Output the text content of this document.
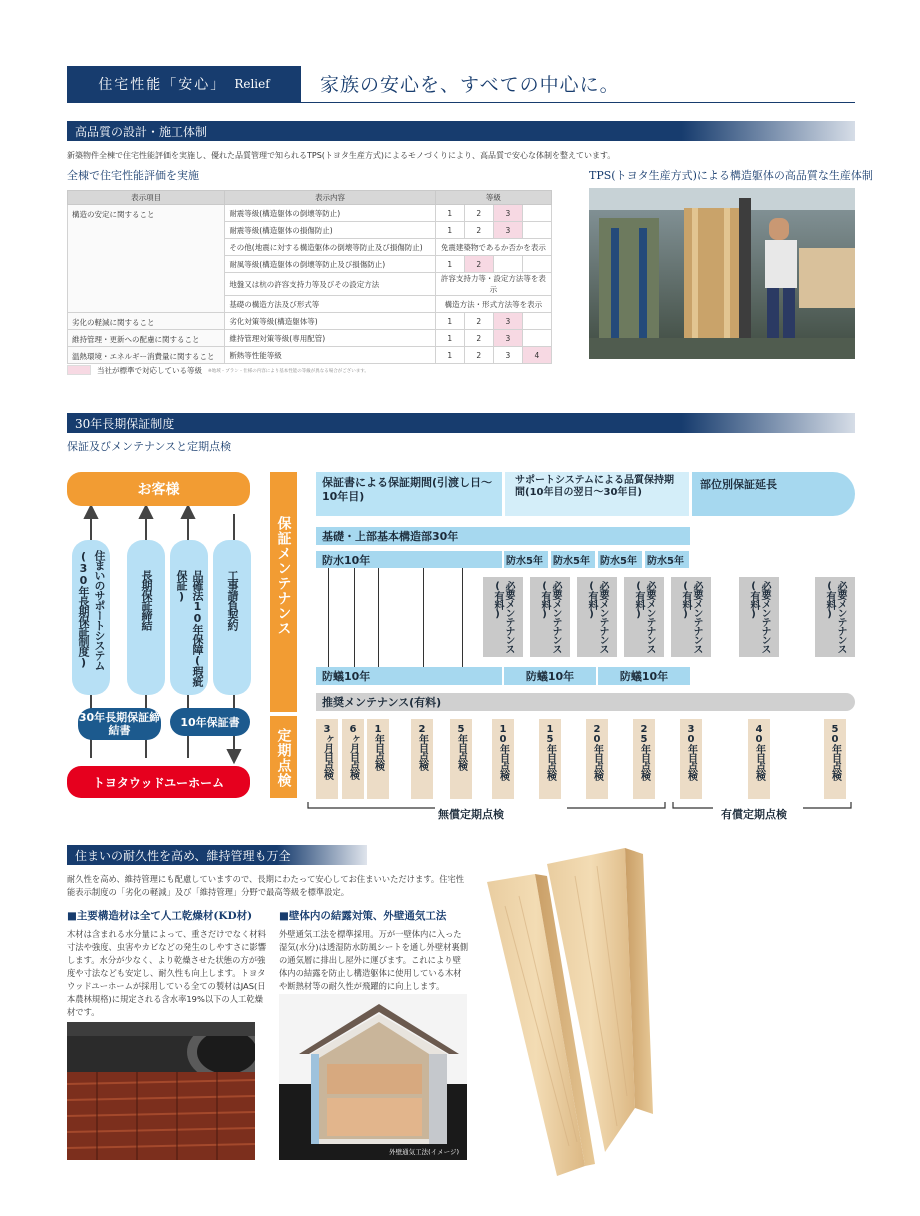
住宅性能「安心」 Relief	家族の安心を、すべての中心に。
高品質の設計・施工体制
新築物件全棟で住宅性能評価を実施し、優れた品質管理で知られるTPS(トヨタ生産方式)によるモノづくりにより、高品質で安心な体制を整えています。
全棟で住宅性能評価を実施	TPS(トヨタ生産方式)による構造躯体の高品質な生産体制
表示項目	表示内容	等級			
構造の安定に関すること	耐震等級(構造躯体の倒壊等防止)	1	2	3	
	耐震等級(構造躯体の損傷防止)	1	2	3	
	その他(地震に対する構造躯体の倒壊等防止及び損傷防止)	免震建築物であるか否かを表示			
	耐風等級(構造躯体の倒壊等防止及び損傷防止)	1	2		
	地盤又は杭の許容支持力等及びその設定方法	許容支持力等・設定方法等を表示			
	基礎の構造方法及び形式等	構造方法・形式方法等を表示			
劣化の軽減に関すること	劣化対策等級(構造躯体等)	1	2	3	
維持管理・更新への配慮に関すること	維持管理対策等級(専用配管)	1	2	3	
温熱環境・エネルギー消費量に関すること	断熱等性能等級	1	2	3	4
当社が標準で対応している等級 ※地域・プラン・仕様の内容により基本性能の等級が異なる場合がございます。
30年長期保証制度
保証及びメンテナンスと定期点検
お客様
住まいのサポートシステム(30年長期保証制度)	長期保証締結	品確法10年保障(瑕疵保証)	工事請負契約
30年長期保証締結書
10年保証書
トヨタウッドユーホーム
保証メンテナンス
定期点検
保証書による保証期間(引渡し日〜10年目)
サポートシステムによる品質保持期間(10年目の翌日〜30年目)
部位別保証延長
基礎・上部基本構造部30年
防水10年	防水5年	防水5年	防水5年	防水5年
防蟻10年	防蟻10年	防蟻10年
推奨メンテナンス(有料)
必要メンテナンス(有料)	必要メンテナンス(有料)	必要メンテナンス(有料)	必要メンテナンス(有料)	必要メンテナンス(有料)	必要メンテナンス(有料)	必要メンテナンス(有料)
3ヶ月目点検 6ヶ月目点検 1年目点検	2年目点検	5年目点検	10年目点検	15年目点検	20年目点検	25年目点検	30年目点検	40年目点検	50年目点検
無償定期点検	有償定期点検
住まいの耐久性を高め、維持管理も万全
耐久性を高め、維持管理にも配慮していますので、長期にわたって安心してお住まいいただけます。住宅性能表示制度の「劣化の軽減」及び「維持管理」分野で最高等級を標準設定。
■主要構造材は全て人工乾燥材(KD材)
木材は含まれる水分量によって、重さだけでなく材料寸法や強度、虫害やカビなどの発生のしやすさに影響します。水分が少なく、より乾燥させた状態の方が強度や寸法なども安定し、耐久性も向上します。トヨタウッドユーホームが採用している全ての製材はJAS(日本農林規格)に規定される含水率19%以下の人工乾燥材です。
■壁体内の結露対策、外壁通気工法
外壁通気工法を標準採用。万が一壁体内に入った湿気(水分)は透湿防水防風シートを通し外壁材裏側の通気層に排出し屋外に運びます。これにより壁体内の結露を防止し構造躯体に使用している木材や断熱材等の耐久性が飛躍的に向上します。
外壁通気工法(イメージ)
